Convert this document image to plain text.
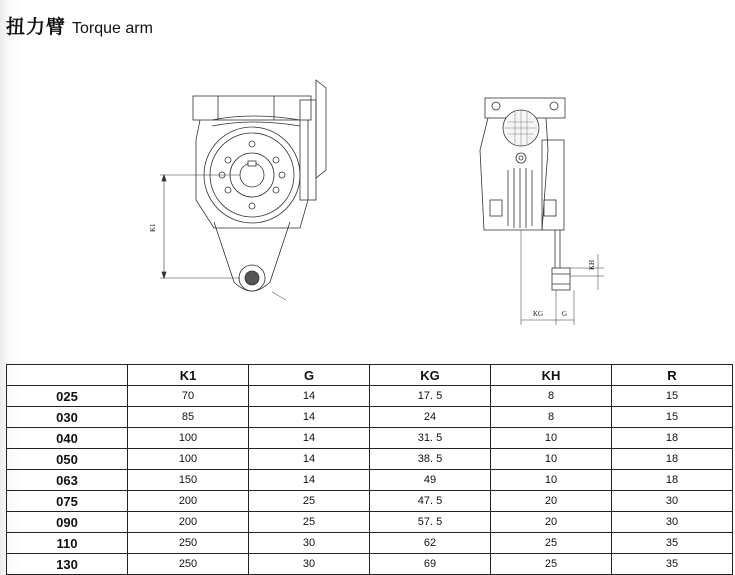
扭力臂 Torque arm
K1
KG	G
KH
	K1	G	KG	KH	R
025	70	14	17. 5	8	15
030	85	14	24	8	15
040	100	14	31. 5	10	18
050	100	14	38. 5	10	18
063	150	14	49	10	18
075	200	25	47. 5	20	30
090	200	25	57. 5	20	30
110	250	30	62	25	35
130	250	30	69	25	35
